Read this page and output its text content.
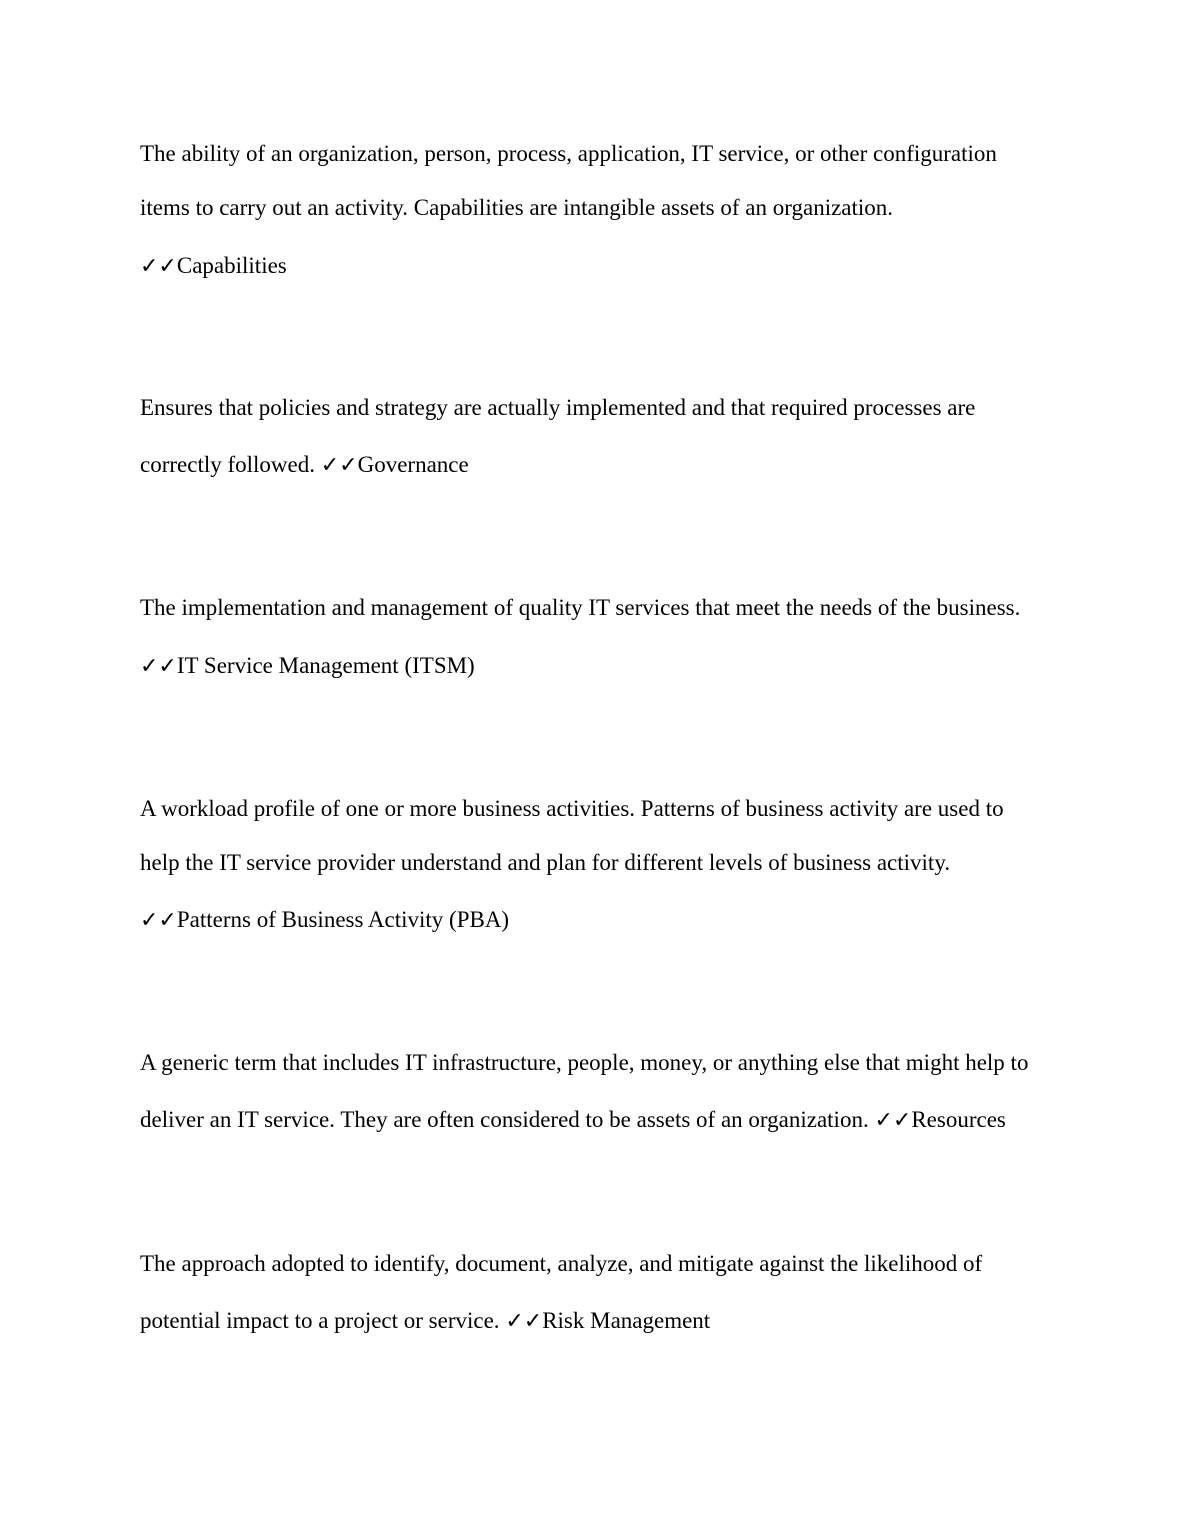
The ability of an organization, person, process, application, IT service, or other configuration
items to carry out an activity. Capabilities are intangible assets of an organization.
✓✓Capabilities
Ensures that policies and strategy are actually implemented and that required processes are
correctly followed. ✓✓Governance
The implementation and management of quality IT services that meet the needs of the business.
✓✓IT Service Management (ITSM)
A workload profile of one or more business activities. Patterns of business activity are used to
help the IT service provider understand and plan for different levels of business activity.
✓✓Patterns of Business Activity (PBA)
A generic term that includes IT infrastructure, people, money, or anything else that might help to
deliver an IT service. They are often considered to be assets of an organization. ✓✓Resources
The approach adopted to identify, document, analyze, and mitigate against the likelihood of
potential impact to a project or service. ✓✓Risk Management
